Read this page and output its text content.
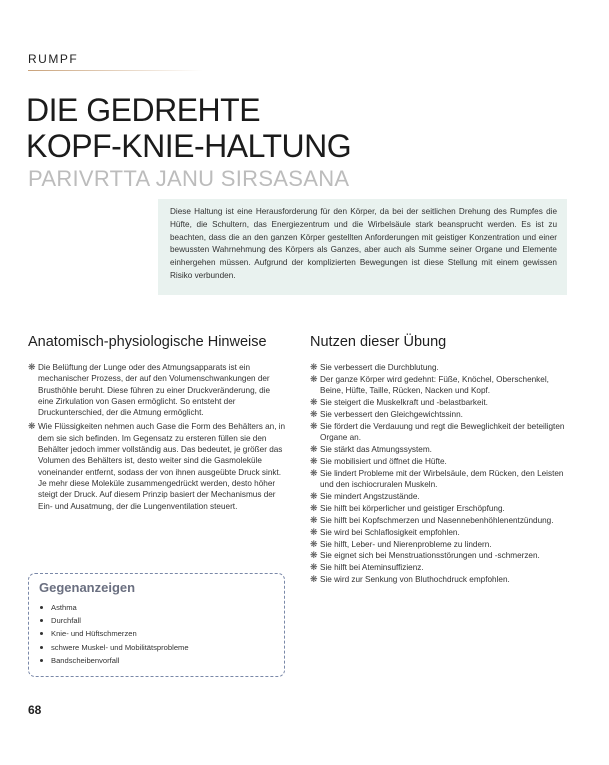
RUMPF
DIE GEDREHTE
KOPF-KNIE-HALTUNG
PARIVRTTA JANU SIRSASANA
Diese Haltung ist eine Herausforderung für den Körper, da bei der seitlichen Drehung des Rumpfes die Hüfte, die Schultern, das Energiezentrum und die Wirbelsäule stark beansprucht werden. Es ist zu beachten, dass die an den ganzen Körper gestellten Anforderungen mit geistiger Konzentration und einer bewussten Wahrnehmung des Körpers als Ganzes, aber auch als Summe seiner Organe und Elemente einhergehen müssen. Aufgrund der komplizierten Bewegungen ist diese Stellung mit einem gewissen Risiko verbunden.
Anatomisch-physiologische Hinweise
❋ Die Belüftung der Lunge oder des Atmungsapparats ist ein mechanischer Prozess, der auf den Volumenschwankungen der Brusthöhle beruht. Diese führen zu einer Druckveränderung, die eine Zirkulation von Gasen ermöglicht. So entsteht der Druckunterschied, der die Atmung ermöglicht.
❋ Wie Flüssigkeiten nehmen auch Gase die Form des Behälters an, in dem sie sich befinden. Im Gegensatz zu ersteren füllen sie den Behälter jedoch immer vollständig aus. Das bedeutet, je größer das Volumen des Behälters ist, desto weiter sind die Gasmoleküle voneinander entfernt, sodass der von ihnen ausgeübte Druck sinkt. Je mehr diese Moleküle zusammengedrückt werden, desto höher steigt der Druck. Auf diesem Prinzip basiert der Mechanismus der Ein- und Ausatmung, der die Lungenventilation steuert.
Nutzen dieser Übung
❋ Sie verbessert die Durchblutung.
❋ Der ganze Körper wird gedehnt: Füße, Knöchel, Oberschenkel, Beine, Hüfte, Taille, Rücken, Nacken und Kopf.
❋ Sie steigert die Muskelkraft und -belastbarkeit.
❋ Sie verbessert den Gleichgewichtssinn.
❋ Sie fördert die Verdauung und regt die Beweglichkeit der beteiligten Organe an.
❋ Sie stärkt das Atmungssystem.
❋ Sie mobilisiert und öffnet die Hüfte.
❋ Sie lindert Probleme mit der Wirbelsäule, dem Rücken, den Leisten und den ischiocruralen Muskeln.
❋ Sie mindert Angstzustände.
❋ Sie hilft bei körperlicher und geistiger Erschöpfung.
❋ Sie hilft bei Kopfschmerzen und Nasennebenhöhlenentzündung.
❋ Sie wird bei Schlaflosigkeit empfohlen.
❋ Sie hilft, Leber- und Nierenprobleme zu lindern.
❋ Sie eignet sich bei Menstruationsstörungen und -schmerzen.
❋ Sie hilft bei Ateminsuffizienz.
❋ Sie wird zur Senkung von Bluthochdruck empfohlen.
Gegenanzeigen
Asthma
Durchfall
Knie- und Hüftschmerzen
schwere Muskel- und Mobilitätsprobleme
Bandscheibenvorfall
68
